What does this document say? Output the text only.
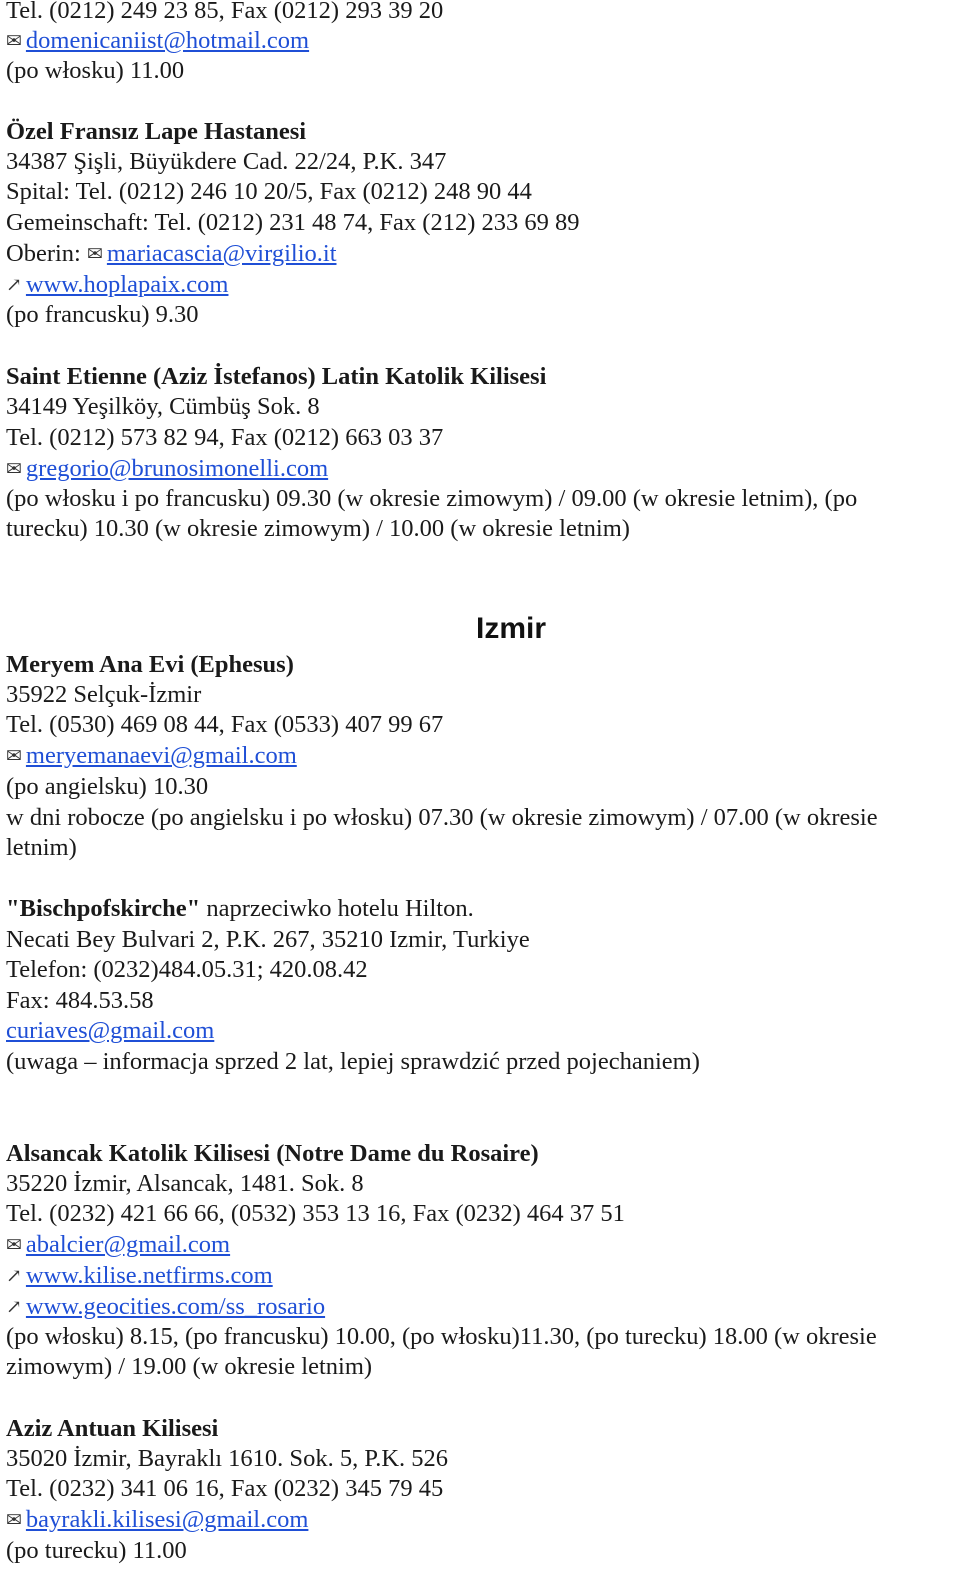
Tel. (0212) 249 23 85, Fax (0212) 293 39 20
✉ domenicaniist@hotmail.com
(po włosku) 11.00
Özel Fransız Lape Hastanesi
34387 Şişli, Büyükdere Cad. 22/24, P.K. 347
Spital: Tel. (0212) 246 10 20/5, Fax (0212) 248 90 44
Gemeinschaft: Tel. (0212) 231 48 74, Fax (212) 233 69 89
Oberin: ✉ mariacascia@virgilio.it
↗ www.hoplapaix.com
(po francusku) 9.30
Saint Etienne (Aziz İstefanos) Latin Katolik Kilisesi
34149 Yeşilköy, Cümbüş Sok. 8
Tel. (0212) 573 82 94, Fax (0212) 663 03 37
✉ gregorio@brunosimonelli.com
(po włosku i po francusku) 09.30 (w okresie zimowym) / 09.00 (w okresie letnim), (po
turecku) 10.30 (w okresie zimowym) / 10.00 (w okresie letnim)
Izmir
Meryem Ana Evi (Ephesus)
35922 Selçuk-İzmir
Tel. (0530) 469 08 44, Fax (0533) 407 99 67
✉ meryemanaevi@gmail.com
(po angielsku) 10.30
w dni robocze (po angielsku i po włosku) 07.30 (w okresie zimowym) / 07.00 (w okresie
letnim)
"Bischpofskirche" naprzeciwko hotelu Hilton.
Necati Bey Bulvari 2, P.K. 267, 35210 Izmir, Turkiye
Telefon: (0232)484.05.31; 420.08.42
Fax: 484.53.58
curiaves@gmail.com
(uwaga – informacja sprzed 2 lat, lepiej sprawdzić przed pojechaniem)
Alsancak Katolik Kilisesi (Notre Dame du Rosaire)
35220 İzmir, Alsancak, 1481. Sok. 8
Tel. (0232) 421 66 66, (0532) 353 13 16, Fax (0232) 464 37 51
✉ abalcier@gmail.com
↗ www.kilise.netfirms.com
↗ www.geocities.com/ss_rosario
(po włosku) 8.15, (po francusku) 10.00, (po włosku)11.30, (po turecku) 18.00 (w okresie
zimowym) / 19.00 (w okresie letnim)
Aziz Antuan Kilisesi
35020 İzmir, Bayraklı 1610. Sok. 5, P.K. 526
Tel. (0232) 341 06 16, Fax (0232) 345 79 45
✉ bayrakli.kilisesi@gmail.com
(po turecku) 11.00
